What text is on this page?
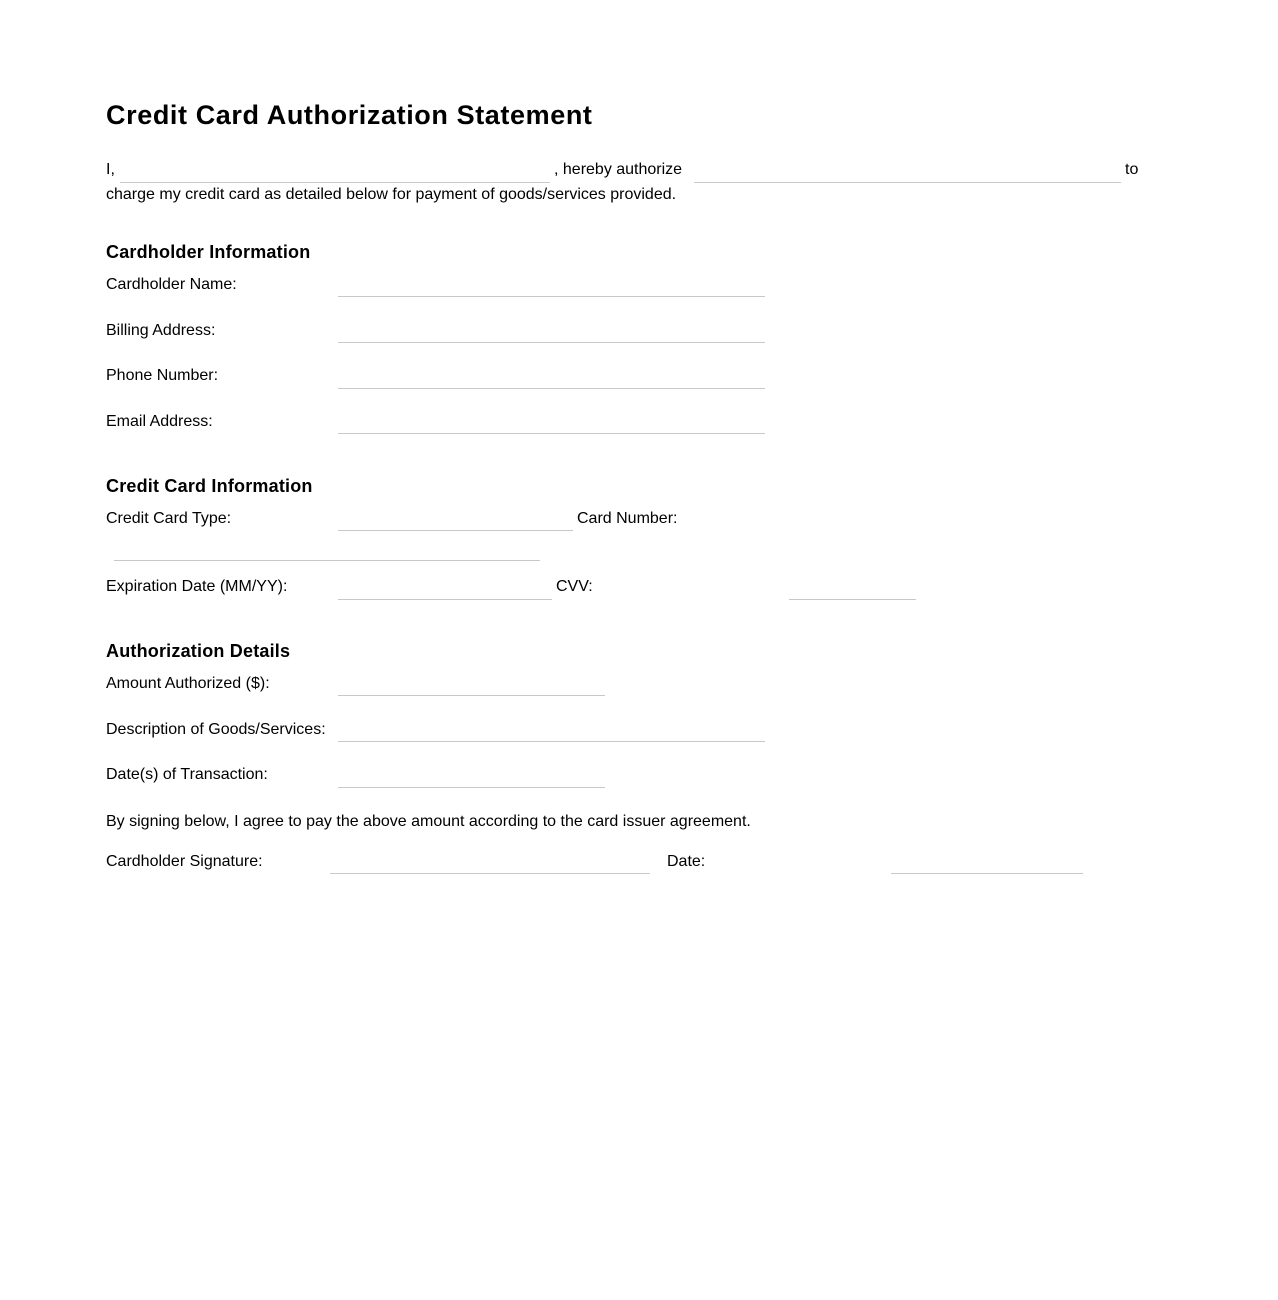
Credit Card Authorization Statement
I,	, hereby authorize	to
charge my credit card as detailed below for payment of goods/services provided.
Cardholder Information
Cardholder Name:
Billing Address:
Phone Number:
Email Address:
Credit Card Information
Credit Card Type:	Card Number:
Expiration Date (MM/YY):	CVV:
Authorization Details
Amount Authorized ($):
Description of Goods/Services:
Date(s) of Transaction:
By signing below, I agree to pay the above amount according to the card issuer agreement.
Cardholder Signature:	Date:
